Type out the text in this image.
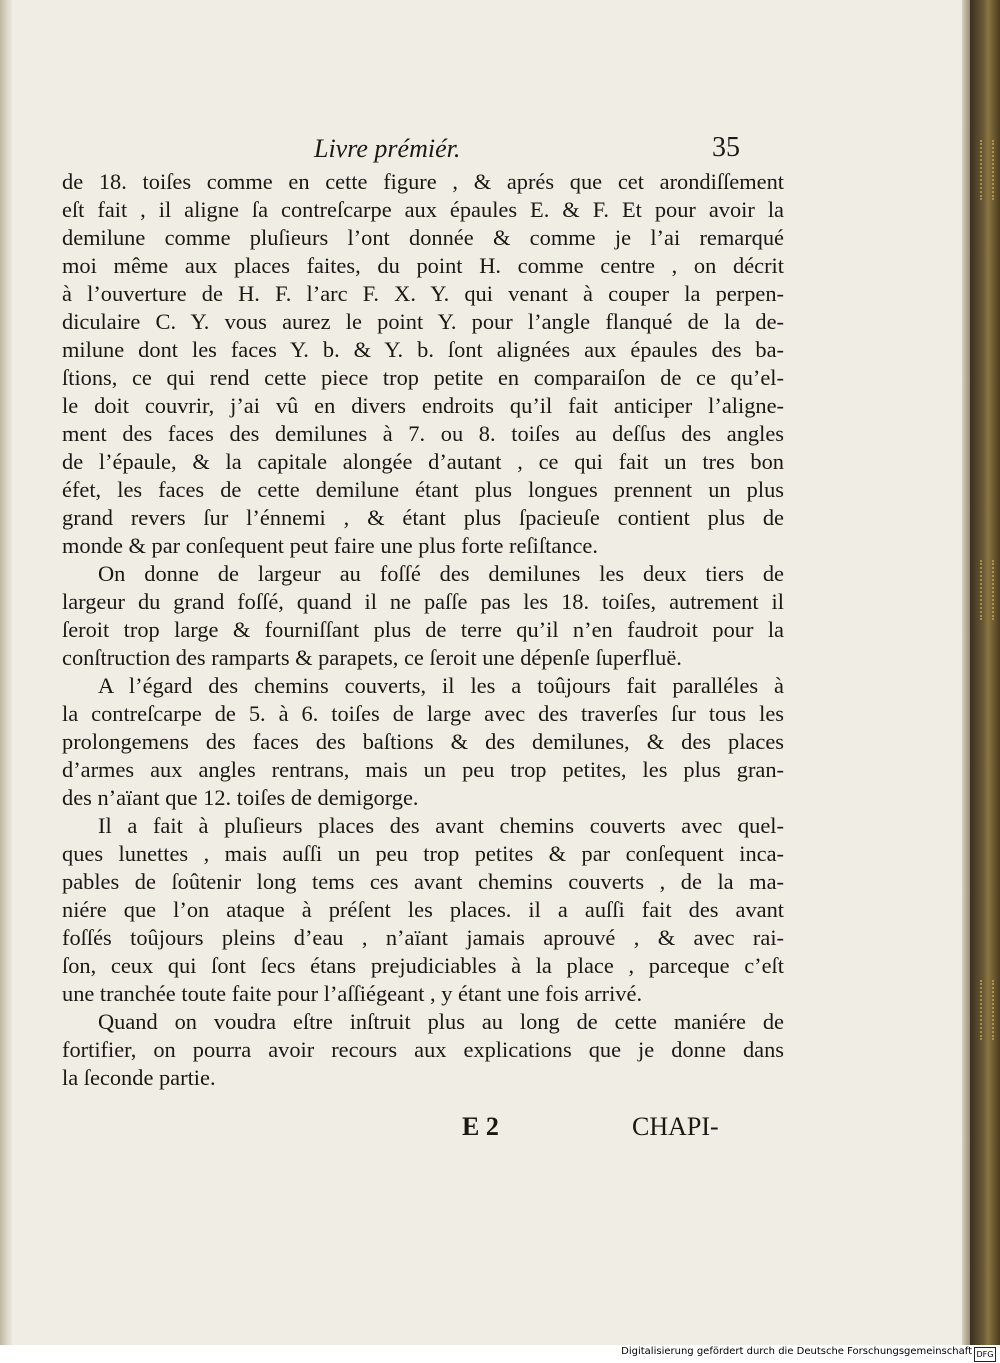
Livre prémiér.	35
de 18. toiſes comme en cette figure , & aprés que cet arondiſſement
eſt fait , il aligne ſa contreſcarpe aux épaules E. & F. Et pour avoir la
demilune comme pluſieurs l’ont donnée & comme je l’ai remarqué
moi même aux places faites, du point H. comme centre , on décrit
à l’ouverture de H. F. l’arc F. X. Y. qui venant à couper la perpen-
diculaire C. Y. vous aurez le point Y. pour l’angle flanqué de la de-
milune dont les faces Y. b. & Y. b. ſont alignées aux épaules des ba-
ſtions, ce qui rend cette piece trop petite en comparaiſon de ce qu’el-
le doit couvrir, j’ai vû en divers endroits qu’il fait anticiper l’aligne-
ment des faces des demilunes à 7. ou 8. toiſes au deſſus des angles
de l’épaule, & la capitale alongée d’autant , ce qui fait un tres bon
éfet, les faces de cette demilune étant plus longues prennent un plus
grand revers ſur l’énnemi , & étant plus ſpacieuſe contient plus de
monde & par conſequent peut faire une plus forte reſiſtance.
On donne de largeur au foſſé des demilunes les deux tiers de
largeur du grand foſſé, quand il ne paſſe pas les 18. toiſes, autrement il
ſeroit trop large & fourniſſant plus de terre qu’il n’en faudroit pour la
conſtruction des ramparts & parapets, ce ſeroit une dépenſe ſuperfluë.
A l’égard des chemins couverts, il les a toûjours fait paralléles à
la contreſcarpe de 5. à 6. toiſes de large avec des traverſes ſur tous les
prolongemens des faces des baſtions & des demilunes, & des places
d’armes aux angles rentrans, mais un peu trop petites, les plus gran-
des n’aïant que 12. toiſes de demigorge.
Il a fait à pluſieurs places des avant chemins couverts avec quel-
ques lunettes , mais auſſi un peu trop petites & par conſequent inca-
pables de ſoûtenir long tems ces avant chemins couverts , de la ma-
niére que l’on ataque à préſent les places. il a auſſi fait des avant
foſſés toûjours pleins d’eau , n’aïant jamais aprouvé , & avec rai-
ſon, ceux qui ſont ſecs étans prejudiciables à la place , parceque c’eſt
une tranchée toute faite pour l’aſſiégeant , y étant une fois arrivé.
Quand on voudra eſtre inſtruit plus au long de cette maniére de
fortifier, on pourra avoir recours aux explications que je donne dans
la ſeconde partie.
E 2	CHAPI-
Digitalisierung gefördert durch die Deutsche Forschungsgemeinschaft DFG
